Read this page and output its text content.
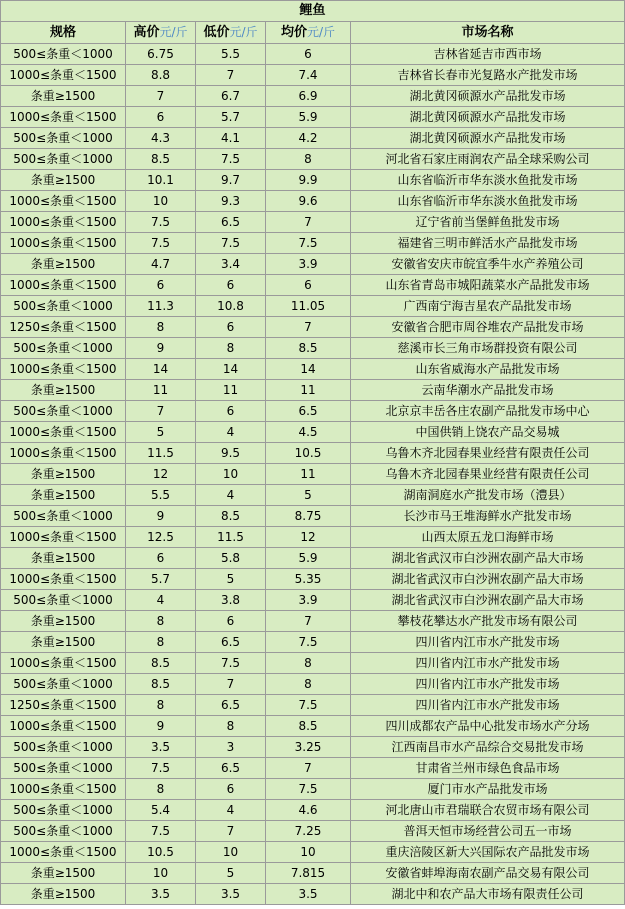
鲤鱼				
规格	高价元/斤	低价元/斤	均价元/斤	市场名称
500≤条重＜1000	6.75	5.5	6	吉林省延吉市西市场
1000≤条重＜1500	8.8	7	7.4	吉林省长春市光复路水产批发市场
条重≥1500	7	6.7	6.9	湖北黄冈硕源水产品批发市场
1000≤条重＜1500	6	5.7	5.9	湖北黄冈硕源水产品批发市场
500≤条重＜1000	4.3	4.1	4.2	湖北黄冈硕源水产品批发市场
500≤条重＜1000	8.5	7.5	8	河北省石家庄雨润农产品全球采购公司
条重≥1500	10.1	9.7	9.9	山东省临沂市华东淡水鱼批发市场
1000≤条重＜1500	10	9.3	9.6	山东省临沂市华东淡水鱼批发市场
1000≤条重＜1500	7.5	6.5	7	辽宁省前当堡鲜鱼批发市场
1000≤条重＜1500	7.5	7.5	7.5	福建省三明市鲜活水产品批发市场
条重≥1500	4.7	3.4	3.9	安徽省安庆市皖宜季牛水产养殖公司
1000≤条重＜1500	6	6	6	山东省青岛市城阳蔬菜水产品批发市场
500≤条重＜1000	11.3	10.8	11.05	广西南宁海吉星农产品批发市场
1250≤条重＜1500	8	6	7	安徽省合肥市周谷堆农产品批发市场
500≤条重＜1000	9	8	8.5	慈溪市长三角市场群投资有限公司
1000≤条重＜1500	14	14	14	山东省威海水产品批发市场
条重≥1500	11	11	11	云南华潮水产品批发市场
500≤条重＜1000	7	6	6.5	北京京丰岳各庄农副产品批发市场中心
1000≤条重＜1500	5	4	4.5	中国供销上饶农产品交易城
1000≤条重＜1500	11.5	9.5	10.5	乌鲁木齐北园春果业经营有限责任公司
条重≥1500	12	10	11	乌鲁木齐北园春果业经营有限责任公司
条重≥1500	5.5	4	5	湖南洞庭水产批发市场（澧县）
500≤条重＜1000	9	8.5	8.75	长沙市马王堆海鲜水产批发市场
1000≤条重＜1500	12.5	11.5	12	山西太原五龙口海鲜市场
条重≥1500	6	5.8	5.9	湖北省武汉市白沙洲农副产品大市场
1000≤条重＜1500	5.7	5	5.35	湖北省武汉市白沙洲农副产品大市场
500≤条重＜1000	4	3.8	3.9	湖北省武汉市白沙洲农副产品大市场
条重≥1500	8	6	7	攀枝花攀达水产批发市场有限公司
条重≥1500	8	6.5	7.5	四川省内江市水产批发市场
1000≤条重＜1500	8.5	7.5	8	四川省内江市水产批发市场
500≤条重＜1000	8.5	7	8	四川省内江市水产批发市场
1250≤条重＜1500	8	6.5	7.5	四川省内江市水产批发市场
1000≤条重＜1500	9	8	8.5	四川成都农产品中心批发市场水产分场
500≤条重＜1000	3.5	3	3.25	江西南昌市水产品综合交易批发市场
500≤条重＜1000	7.5	6.5	7	甘肃省兰州市绿色食品市场
1000≤条重＜1500	8	6	7.5	厦门市水产品批发市场
500≤条重＜1000	5.4	4	4.6	河北唐山市君瑞联合农贸市场有限公司
500≤条重＜1000	7.5	7	7.25	普洱天恒市场经营公司五一市场
1000≤条重＜1500	10.5	10	10	重庆涪陵区新大兴国际农产品批发市场
条重≥1500	10	5	7.815	安徽省蚌埠海南农副产品交易有限公司
条重≥1500	3.5	3.5	3.5	湖北中和农产品大市场有限责任公司
